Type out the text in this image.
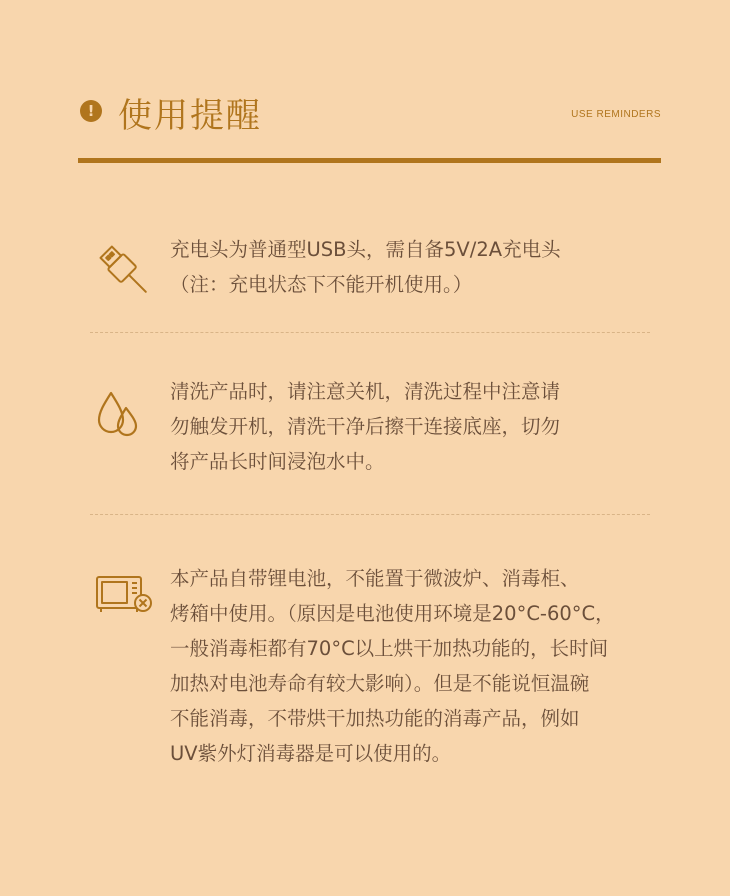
! 使用提醒	USE REMINDERS

充电头为普通型USB头，需自备5V/2A充电头

（注：充电状态下不能开机使用。）

清洗产品时，请注意关机，清洗过程中注意请

勿触发开机，清洗干净后擦干连接底座，切勿

将产品长时间浸泡水中。

本产品自带锂电池，不能置于微波炉、消毒柜、

烤箱中使用。（原因是电池使用环境是20°C-60°C，

一般消毒柜都有70°C以上烘干加热功能的，长时间

加热对电池寿命有较大影响）。但是不能说恒温碗

不能消毒，不带烘干加热功能的消毒产品，例如

UV紫外灯消毒器是可以使用的。
